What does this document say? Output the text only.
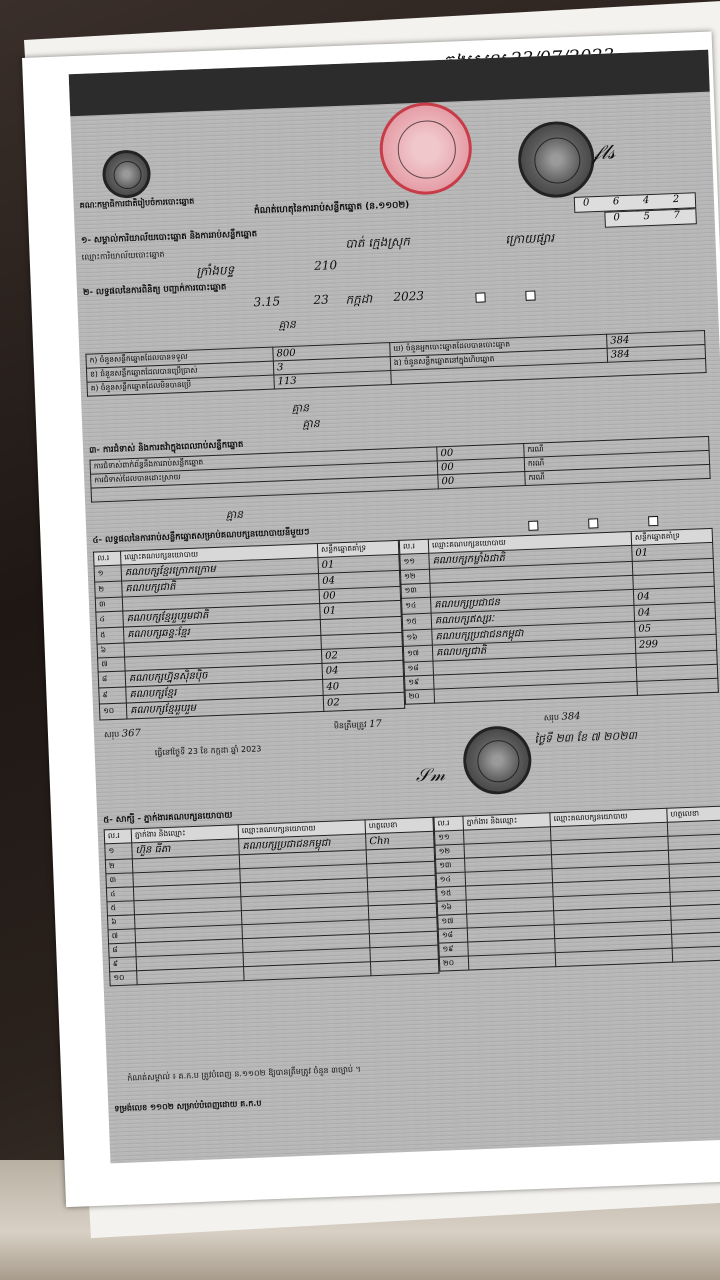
គណៈកម្មាធិការជាតិរៀបចំការបោះឆ្នោត
𝒻𝓁𝓈
កំណត់ហេតុនៃការរាប់សន្លឹកឆ្នោត (ន.១១០២)	0 6 4 2
0 5 7
១- សម្គាល់ការិយាល័យបោះឆ្នោត និងការរាប់សន្លឹកឆ្នោត
ឈ្មោះការិយាល័យបោះឆ្នោត
បាត់ ក្មេងស្រុក	ក្រោយផ្សារ
ក្រាំងបទ្ទ	210
២- លទ្ធផលនៃការពិនិត្យ បញ្ជាក់ការបោះឆ្នោត
3.15	23 កក្កដា 2023
គ្មាន
ក) ចំនួនសន្លឹកឆ្នោតដែលបានទទួល	800	ឃ) ចំនួនអ្នកបោះឆ្នោតដែលបានបោះឆ្នោត	384
ខ) ចំនួនសន្លឹកឆ្នោតដែលបានប្រើប្រាស់	3	ង) ចំនួនសន្លឹកឆ្នោតនៅក្នុងហិបឆ្នោត	384
គ) ចំនួនសន្លឹកឆ្នោតដែលមិនបានប្រើ	113		
គ្មាន
គ្មាន
៣- ការជំទាស់ និងការតវ៉ាក្នុងពេលរាប់សន្លឹកឆ្នោត
ការជំទាស់ពាក់ព័ន្ធនឹងការរាប់សន្លឹកឆ្នោត	00	ករណី
ការជំទាស់ដែលបានដោះស្រាយ	00	ករណី
	00	ករណី
គ្មាន
៤- លទ្ធផលនៃការរាប់សន្លឹកឆ្នោតសម្រាប់គណបក្សនយោបាយនីមួយៗ
ល.រ	ឈ្មោះគណបក្សនយោបាយ	សន្លឹកឆ្នោតគាំទ្រ
១	គណបក្សខ្មែរក្រោកក្រោម	01
២	គណបក្សជាតិ	04
៣		00
៤	គណបក្សខ្មែររួបរួមជាតិ	01
៥	គណបក្សឆន្ទៈខ្មែរ	
៦		
៧		02
៨	គណបក្សហ្វ៊ុនស៊ិនប៉ិច	04
៩	គណបក្សខ្មែរ	40
១០	គណបក្សខ្មែររួបរួម	02
ល.រ	ឈ្មោះគណបក្សនយោបាយ	សន្លឹកឆ្នោតគាំទ្រ
១១	គណបក្សកម្លាំងជាតិ	01
១២		
១៣		
១៤	គណបក្សប្រជាជន	04
១៥	គណបក្សឥស្សរៈ	04
១៦	គណបក្សប្រជាជនកម្ពុជា	05
១៧	គណបក្សជាតិ	299
១៨		
១៩		
២០		
សរុប 367
មិនត្រឹមត្រូវ 17
សរុប 384
ធ្វើនៅថ្ងៃទី 23 ខែ កក្កដា ឆ្នាំ 2023
ថ្ងៃទី ២៣ ខែ ៧ ២០២៣
𝒮𝓂
៥- សាក្សី - ភ្នាក់ងារគណបក្សនយោបាយ
ល.រ	ភ្នាក់ងារ និងឈ្មោះ	ឈ្មោះគណបក្សនយោបាយ	ហត្ថលេខា
១	ហ៊ួន ធីតា	គណបក្សប្រជាជនកម្ពុជា	Chn
២			
៣			
៤			
៥			
៦			
៧			
៨			
៩			
១០			
ល.រ	ភ្នាក់ងារ និងឈ្មោះ	ឈ្មោះគណបក្សនយោបាយ	ហត្ថលេខា
១១			
១២			
១៣			
១៤			
១៥			
១៦			
១៧			
១៨			
១៩			
២០			
កំណត់សម្គាល់ ៖ គ.ក.ប ត្រូវបំពេញ ន.១១០២ ឱ្យបានត្រឹមត្រូវ ចំនួន ៣ច្បាប់ ។
ទម្រង់លេខ ១១០២ សម្រាប់បំពេញដោយ គ.ក.ប
